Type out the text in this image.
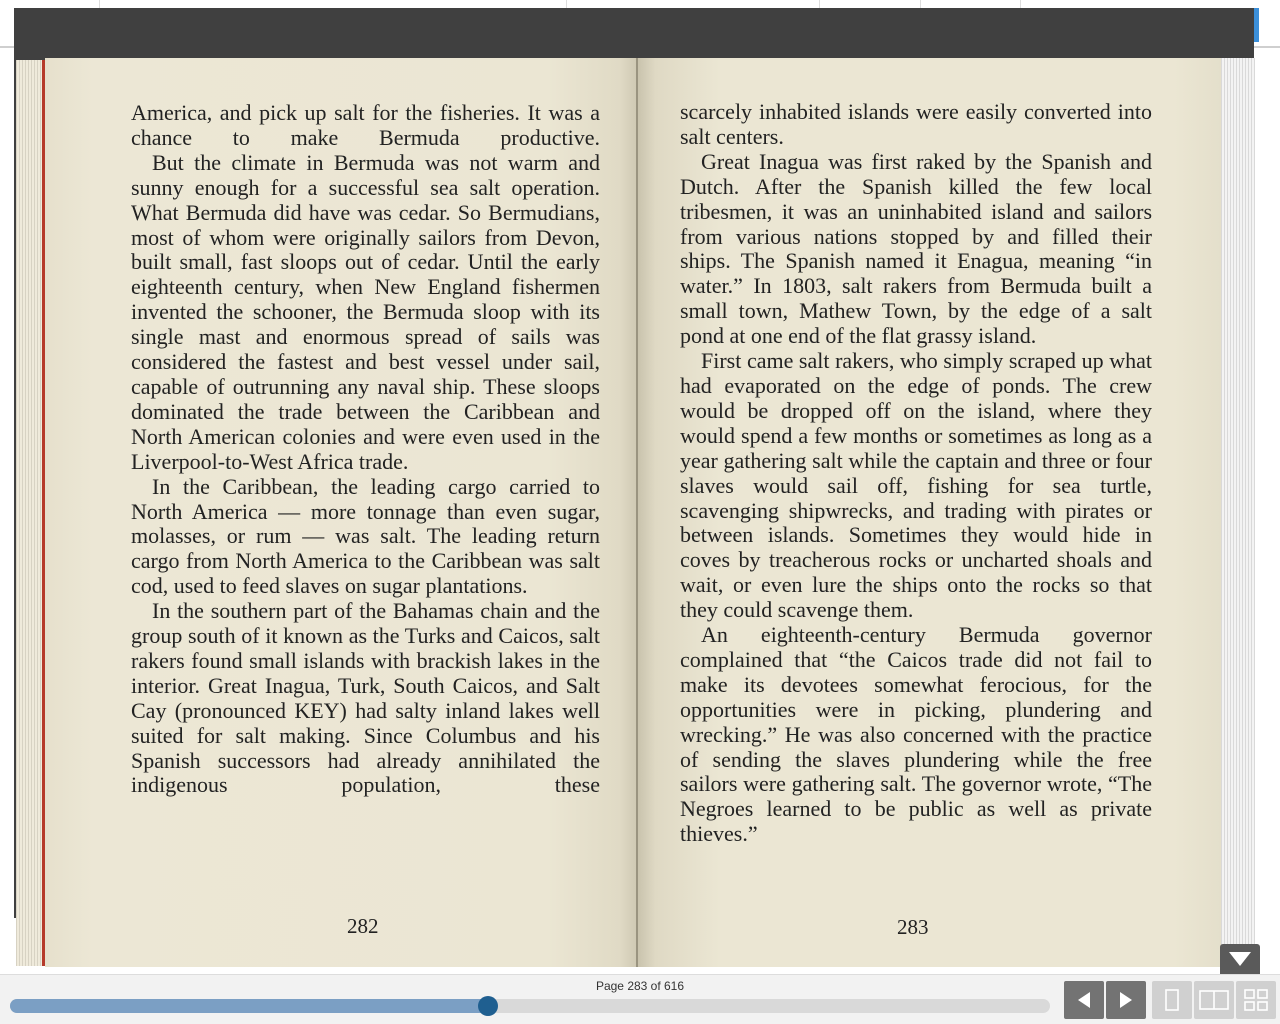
Search inside this book

America, and pick up salt for the fisheries. It was a chance to make Bermuda productive.

But the climate in Bermuda was not warm and sunny enough for a successful sea salt operation. What Bermuda did have was cedar. So Bermudians, most of whom were originally sailors from Devon, built small, fast sloops out of cedar. Until the early eighteenth century, when New England fishermen invented the schooner, the Bermuda sloop with its single mast and enormous spread of sails was considered the fastest and best vessel under sail, capable of outrunning any naval ship. These sloops dominated the trade between the Caribbean and North American colonies and were even used in the Liverpool-to-West Africa trade.

In the Caribbean, the leading cargo carried to North America — more tonnage than even sugar, molasses, or rum — was salt. The leading return cargo from North America to the Caribbean was salt cod, used to feed slaves on sugar plantations.

In the southern part of the Bahamas chain and the group south of it known as the Turks and Caicos, salt rakers found small islands with brackish lakes in the interior. Great Inagua, Turk, South Caicos, and Salt Cay (pronounced KEY) had salty inland lakes well suited for salt making. Since Columbus and his Spanish successors had already annihilated the indigenous population, these

282

scarcely inhabited islands were easily converted into salt centers.

Great Inagua was first raked by the Spanish and Dutch. After the Spanish killed the few local tribesmen, it was an uninhabited island and sailors from various nations stopped by and filled their ships. The Spanish named it Enagua, meaning “in water.” In 1803, salt rakers from Bermuda built a small town, Mathew Town, by the edge of a salt pond at one end of the flat grassy island.

First came salt rakers, who simply scraped up what had evaporated on the edge of ponds. The crew would be dropped off on the island, where they would spend a few months or sometimes as long as a year gathering salt while the captain and three or four slaves would sail off, fishing for sea turtle, scavenging shipwrecks, and trading with pirates or between islands. Sometimes they would hide in coves by treacherous rocks or uncharted shoals and wait, or even lure the ships onto the rocks so that they could scavenge them.

An eighteenth-century Bermuda governor complained that “the Caicos trade did not fail to make its devotees somewhat ferocious, for the opportunities were in picking, plundering and wrecking.” He was also concerned with the practice of sending the slaves plundering while the free sailors were gathering salt. The governor wrote, “The Negroes learned to be public as well as private thieves.”

283
Page 283 of 616
